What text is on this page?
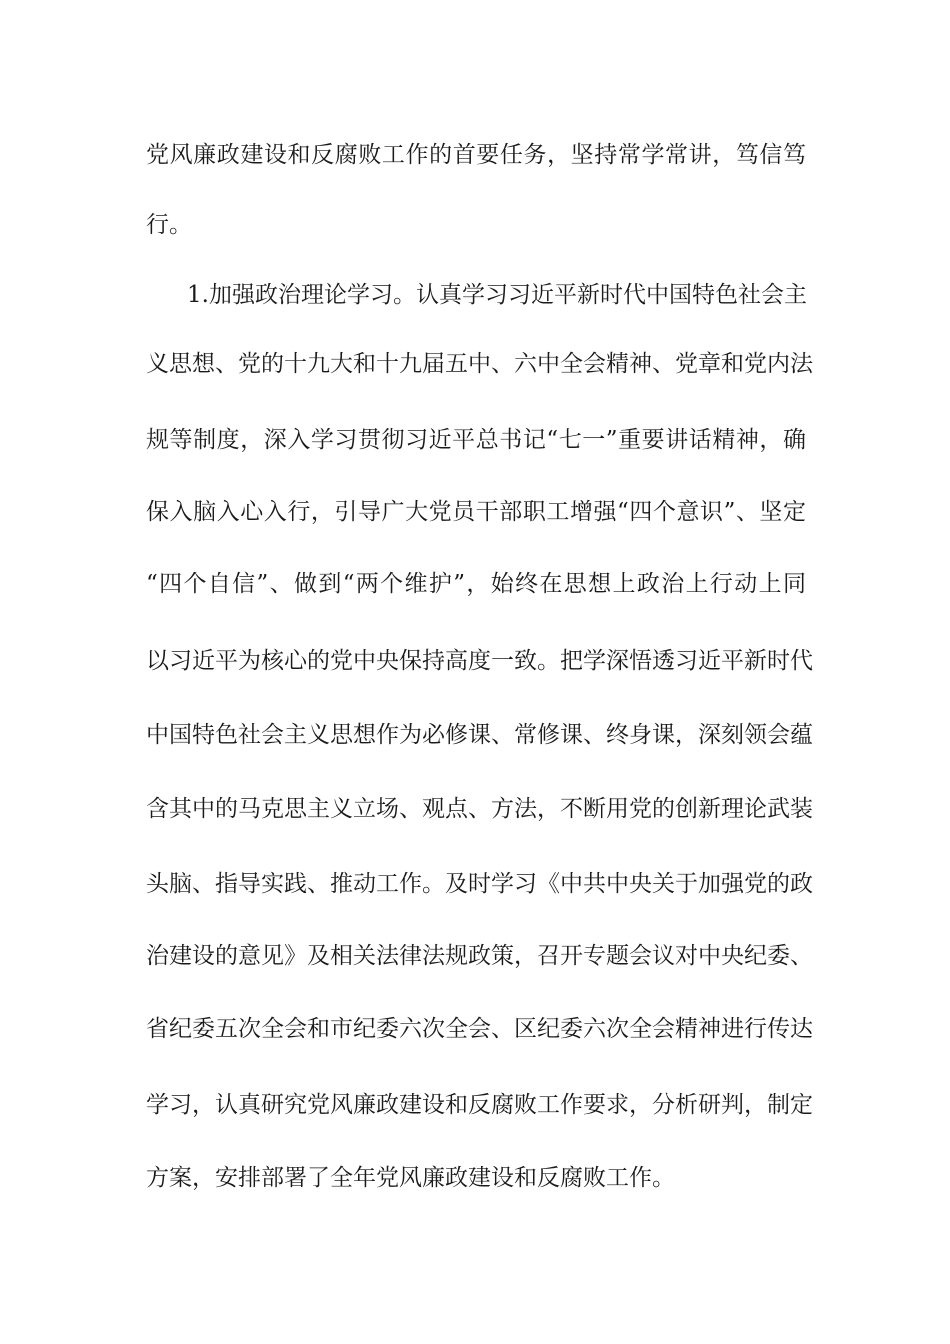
党风廉政建设和反腐败工作的首要任务，坚持常学常讲，笃信笃
行。
1.加强政治理论学习。认真学习习近平新时代中国特色社会主
义思想、党的十九大和十九届五中、六中全会精神、党章和党内法
规等制度，深入学习贯彻习近平总书记“七一”重要讲话精神，确
保入脑入心入行，引导广大党员干部职工增强“四个意识”、坚定
“四个自信”、做到“两个维护”，始终在思想上政治上行动上同
以习近平为核心的党中央保持高度一致。把学深悟透习近平新时代
中国特色社会主义思想作为必修课、常修课、终身课，深刻领会蕴
含其中的马克思主义立场、观点、方法，不断用党的创新理论武装
头脑、指导实践、推动工作。及时学习《中共中央关于加强党的政
治建设的意见》及相关法律法规政策，召开专题会议对中央纪委、
省纪委五次全会和市纪委六次全会、区纪委六次全会精神进行传达
学习，认真研究党风廉政建设和反腐败工作要求，分析研判，制定
方案，安排部署了全年党风廉政建设和反腐败工作。
